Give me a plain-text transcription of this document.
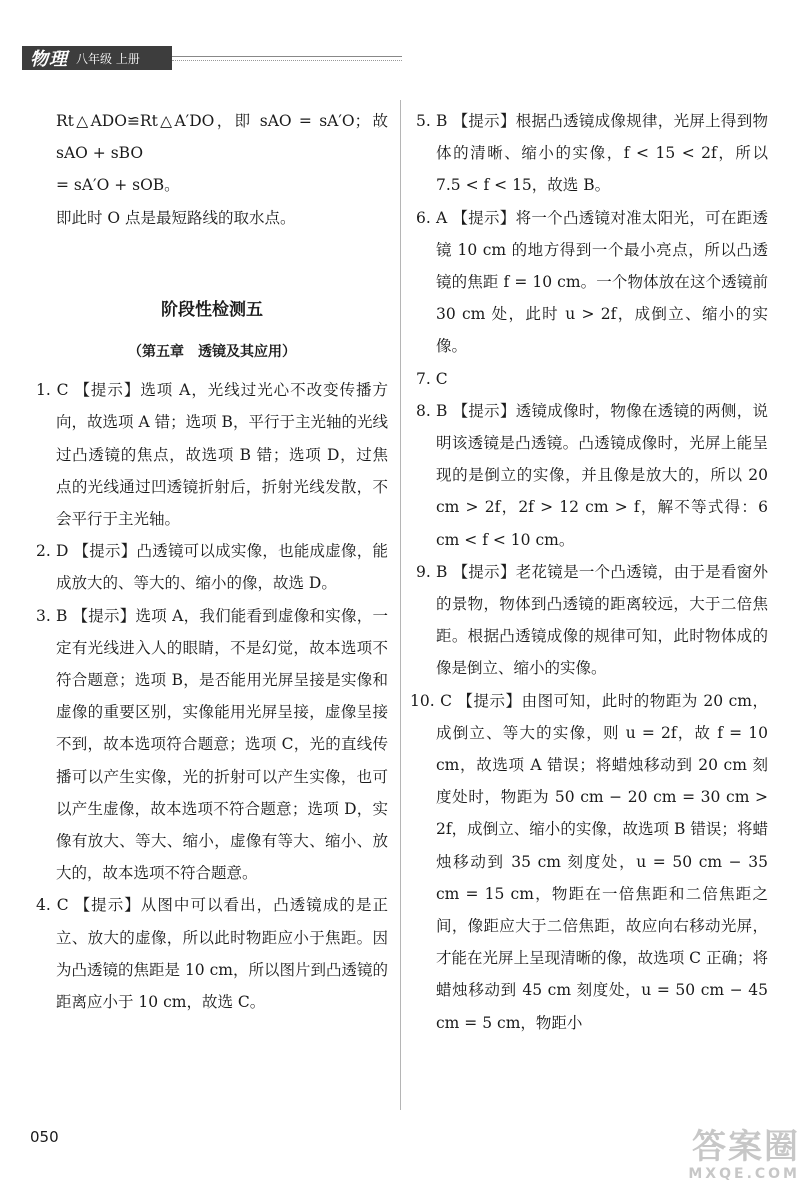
物理 八年级 上册

Rt△ADO≌Rt△A′DO，即 sAO = sA′O；故 sAO + sBO

= sA′O + sOB。

即此时 O 点是最短路线的取水点。

阶段性检测五
（第五章　透镜及其应用）

1. C 【提示】选项 A，光线过光心不改变传播方向，故选项 A 错；选项 B，平行于主光轴的光线过凸透镜的焦点，故选项 B 错；选项 D，过焦点的光线通过凹透镜折射后，折射光线发散，不会平行于主光轴。

2. D 【提示】凸透镜可以成实像，也能成虚像，能成放大的、等大的、缩小的像，故选 D。

3. B 【提示】选项 A，我们能看到虚像和实像，一定有光线进入人的眼睛，不是幻觉，故本选项不符合题意；选项 B，是否能用光屏呈接是实像和虚像的重要区别，实像能用光屏呈接，虚像呈接不到，故本选项符合题意；选项 C，光的直线传播可以产生实像，光的折射可以产生实像，也可以产生虚像，故本选项不符合题意；选项 D，实像有放大、等大、缩小，虚像有等大、缩小、放大的，故本选项不符合题意。

4. C 【提示】从图中可以看出，凸透镜成的是正立、放大的虚像，所以此时物距应小于焦距。因为凸透镜的焦距是 10 cm，所以图片到凸透镜的距离应小于 10 cm，故选 C。

5. B 【提示】根据凸透镜成像规律，光屏上得到物体的清晰、缩小的实像，f < 15 < 2f，所以 7.5 < f < 15，故选 B。

6. A 【提示】将一个凸透镜对准太阳光，可在距透镜 10 cm 的地方得到一个最小亮点，所以凸透镜的焦距 f = 10 cm。一个物体放在这个透镜前 30 cm 处，此时 u > 2f，成倒立、缩小的实像。

7. C

8. B 【提示】透镜成像时，物像在透镜的两侧，说明该透镜是凸透镜。凸透镜成像时，光屏上能呈现的是倒立的实像，并且像是放大的，所以 20 cm > 2f，2f > 12 cm > f，解不等式得：6 cm < f < 10 cm。

9. B 【提示】老花镜是一个凸透镜，由于是看窗外的景物，物体到凸透镜的距离较远，大于二倍焦距。根据凸透镜成像的规律可知，此时物体成的像是倒立、缩小的实像。

10. C 【提示】由图可知，此时的物距为 20 cm，成倒立、等大的实像，则 u = 2f，故 f = 10 cm，故选项 A 错误；将蜡烛移动到 20 cm 刻度处时，物距为 50 cm − 20 cm = 30 cm > 2f，成倒立、缩小的实像，故选项 B 错误；将蜡烛移动到 35 cm 刻度处，u = 50 cm − 35 cm = 15 cm，物距在一倍焦距和二倍焦距之间，像距应大于二倍焦距，故应向右移动光屏，才能在光屏上呈现清晰的像，故选项 C 正确；将蜡烛移动到 45 cm 刻度处，u = 50 cm − 45 cm = 5 cm，物距小

050	答案圈
MXQE.COM
